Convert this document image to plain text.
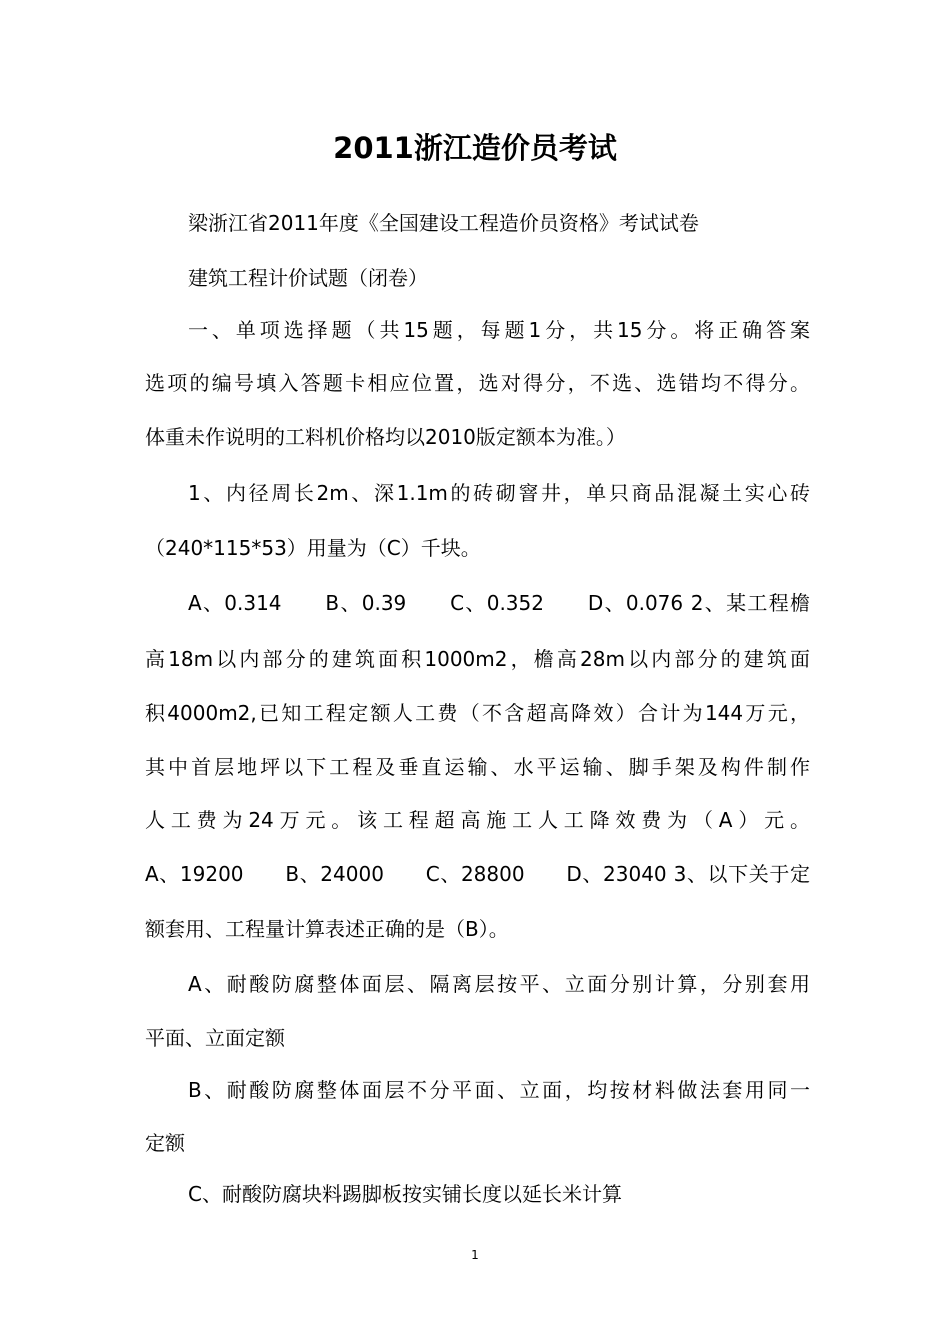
2011浙江造价员考试
梁浙江省2011年度《全国建设工程造价员资格》考试试卷
建筑工程计价试题（闭卷）
一、单项选择题（共15题，每题1分，共15分。将正确答案
选项的编号填入答题卡相应位置，选对得分，不选、选错均不得分。
体重未作说明的工料机价格均以2010版定额本为准。）
1、内径周长2m、深1.1m的砖砌窨井，单只商品混凝土实心砖
（240*115*53）用量为（C）千块。
A、0.314　　B、0.39　　C、0.352　　D、0.076 2、某工程檐
高18m以内部分的建筑面积1000m2，檐高28m以内部分的建筑面
积4000m2,已知工程定额人工费（不含超高降效）合计为144万元，
其中首层地坪以下工程及垂直运输、水平运输、脚手架及构件制作
人工费为24万元。该工程超高施工人工降效费为（A）元。
A、19200　　B、24000　　C、28800　　D、23040 3、以下关于定
额套用、工程量计算表述正确的是（B）。
A、耐酸防腐整体面层、隔离层按平、立面分别计算，分别套用
平面、立面定额
B、耐酸防腐整体面层不分平面、立面，均按材料做法套用同一
定额
C、耐酸防腐块料踢脚板按实铺长度以延长米计算
1
